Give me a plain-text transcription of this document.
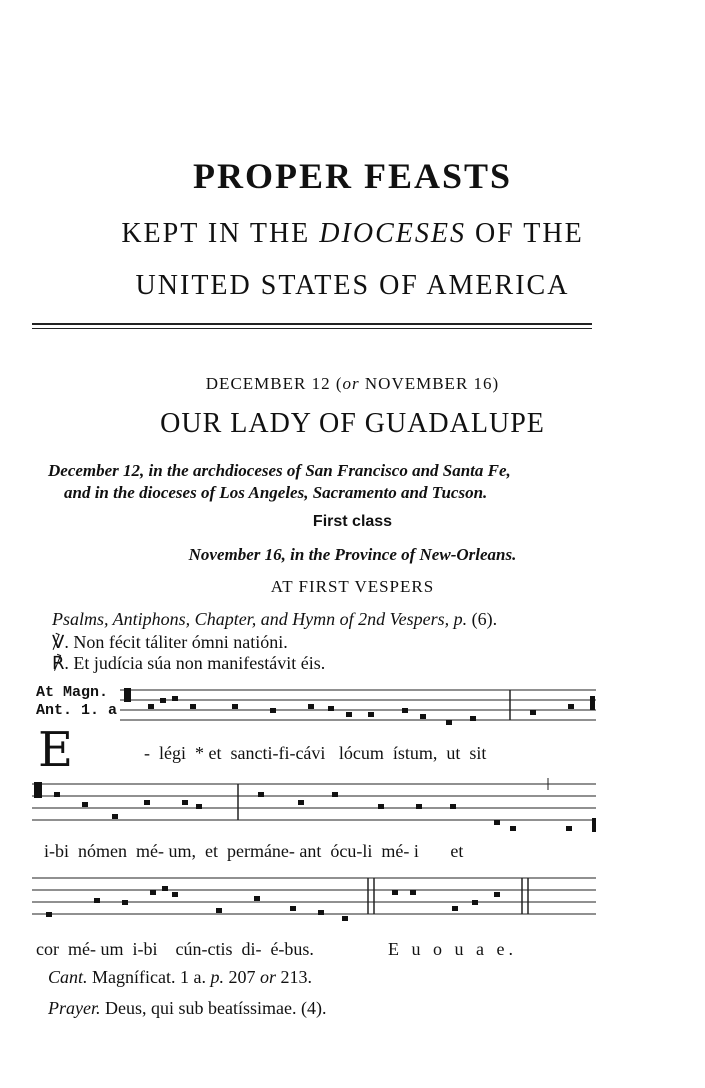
PROPER FEASTS
KEPT IN THE DIOCESES OF THE
UNITED STATES OF AMERICA
DECEMBER 12 (or NOVEMBER 16)
OUR LADY OF GUADALUPE
December 12, in the archdioceses of San Francisco and Santa Fe,
and in the dioceses of Los Angeles, Sacramento and Tucson.
First class
November 16, in the Province of New-Orleans.
AT FIRST VESPERS
Psalms, Antiphons, Chapter, and Hymn of 2nd Vespers, p. (6).
℣. Non fécit táliter ómni natióni.
℟. Et judícia súa non manifestávit éis.
At Magn.
Ant. 1. a
E	-  légi  * et  sancti-fi-cávi   lócum  ístum,  ut  sit
i-bi  nómen  mé- um,  et  permáne- ant  ócu-li  mé- i       et
cor  mé- um  i-bi    cún-ctis  di-  é-bus.	E u o u a e.
Cant. Magníficat. 1 a. p. 207 or 213.
Prayer. Deus, qui sub beatíssimae. (4).
